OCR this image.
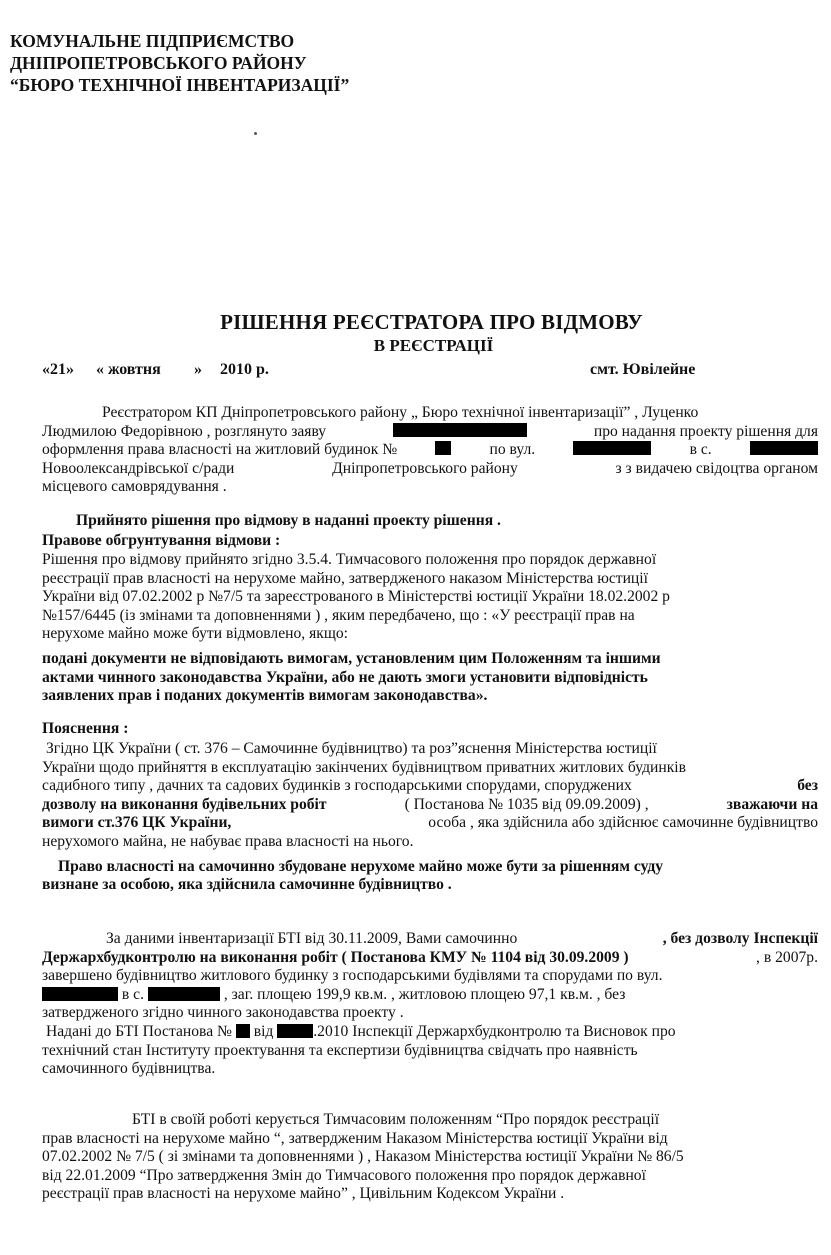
КОМУНАЛЬНЕ ПІДПРИЄМСТВО
ДНІПРОПЕТРОВСЬКОГО РАЙОНУ
“БЮРО ТЕХНІЧНОЇ ІНВЕНТАРИЗАЦІЇ”
РІШЕННЯ РЕЄСТРАТОРА ПРО ВІДМОВУ
В РЕЄСТРАЦІЇ
«21» « жовтня » 2010 р.	смт. Ювілейне
Реєстратором КП Дніпропетровського району „ Бюро технічної інвентаризації” , Луценко
Людмилою Федорівною , розглянуто заяву	про надання проекту рішення для
оформлення права власності на житловий будинок №	по вул.	в с.
Новоолександрівської с/ради	Дніпропетровського району	з з видачею свідоцтва органом
місцевого самоврядування .
Прийнято рішення про відмову в наданні проекту рішення .
Правове обгрунтування відмови :
Рішення про відмову прийнято згідно 3.5.4. Тимчасового положення про порядок державної
реєстрації прав власності на нерухоме майно, затвердженого наказом Міністерства юстиції
України від 07.02.2002 р №7/5 та зареєстрованого в Міністерстві юстиції України 18.02.2002 р
№157/6445 (із змінами та доповненнями ) , яким передбачено, що : «У реєстрації прав на
нерухоме майно може бути відмовлено, якщо:
подані документи не відповідають вимогам, установленим цим Положенням та іншими
актами чинного законодавства України, або не дають змоги установити відповідність
заявлених прав і поданих документів вимогам законодавства».
Пояснення :
Згідно ЦК України ( ст. 376 – Самочинне будівництво) та роз”яснення Міністерства юстиції
України щодо прийняття в експлуатацію закінчених будівництвом приватних житлових будинків
садибного типу , дачних та садових будинків з господарськими спорудами, споруджених	без
дозволу на виконання будівельних робіт	( Постанова № 1035 від 09.09.2009) ,	зважаючи на
вимоги ст.376 ЦК України,	особа , яка здійснила або здійснює самочинне будівництво
нерухомого майна, не набуває права власності на нього.
Право власності на самочинно збудоване нерухоме майно може бути за рішенням суду
визнане за особою, яка здійснила самочинне будівництво .
За даними інвентаризації БТІ від 30.11.2009, Вами самочинно	, без дозволу Інспекції
Держархбудконтролю на виконання робіт ( Постанова КМУ № 1104 від 30.09.2009 )	, в 2007р.
завершено будівництво житлового будинку з господарськими будівлями та спорудами по вул.
в с.	, заг. площею 199,9 кв.м. , житловою площею 97,1 кв.м. , без
затвердженого згідно чинного законодавства проекту .
Надані до БТІ Постанова № від	.2010 Інспекції Держархбудконтролю та Висновок про
технічний стан Інституту проектування та експертизи будівництва свідчать про наявність
самочинного будівництва.
БТІ в своїй роботі керується Тимчасовим положенням “Про порядок реєстрації
прав власності на нерухоме майно “, затвердженим Наказом Міністерства юстиції України від
07.02.2002 № 7/5 ( зі змінами та доповненнями ) , Наказом Міністерства юстиції України № 86/5
від 22.01.2009 “Про затвердження Змін до Тимчасового положення про порядок державної
реєстрації прав власності на нерухоме майно” , Цивільним Кодексом України .
